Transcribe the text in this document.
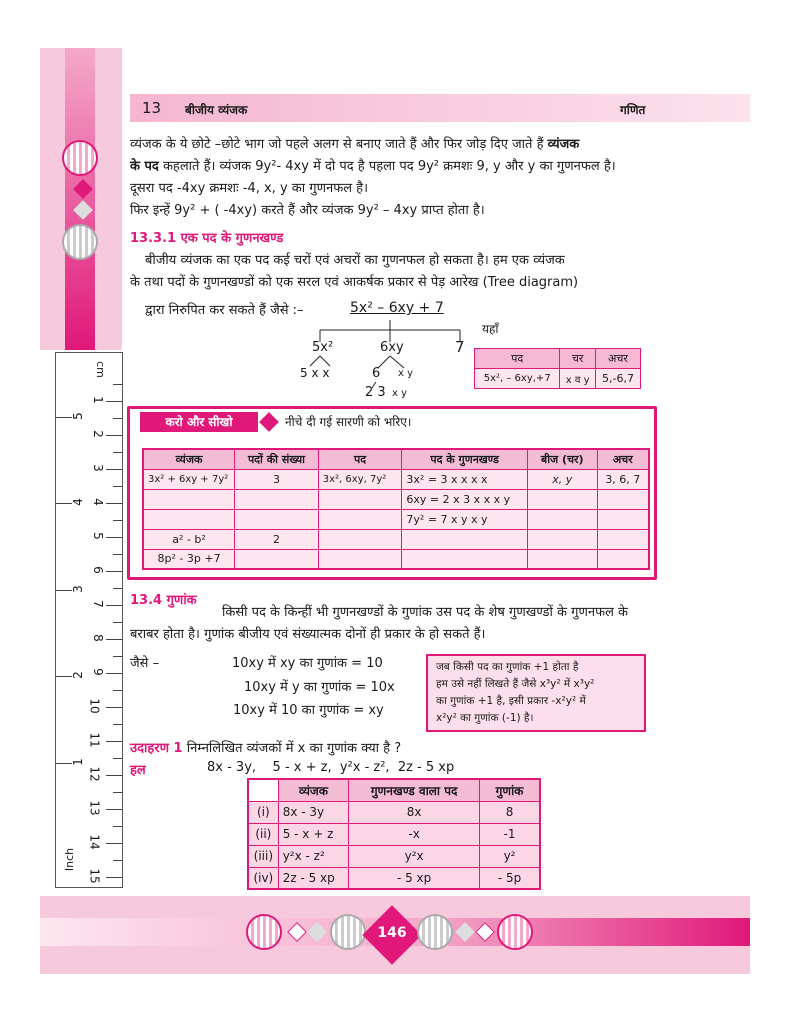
13 बीजीय व्यंजक	गणित
व्यंजक के ये छोटे –छोटे भाग जो पहले अलग से बनाए जाते हैं और फिर जोड़ दिए जाते हैं व्यंजक
के पद कहलाते हैं। व्यंजक 9y²- 4xy में दो पद है पहला पद 9y² क्रमशः 9, y और y का गुणनफल है।
दूसरा पद -4xy क्रमशः -4, x, y का गुणनफल है।
फिर इन्हें 9y² + ( -4xy) करते हैं और व्यंजक 9y² – 4xy प्राप्त होता है।
13.3.1 एक पद के गुणनखण्ड
बीजीय व्यंजक का एक पद कई चरों एवं अचरों का गुणनफल हो सकता है। हम एक व्यंजक
के तथा पदों के गुणनखण्डों को एक सरल एवं आकर्षक प्रकार से पेड़ आरेख (Tree diagram)
द्वारा निरुपित कर सकते हैं जैसे :–	5x² – 6xy + 7
5x²	6xy	7
5 x x	6 x y
2 3 x y
यहाँ
पद	चर	अचर
5x², – 6xy,+7	x व y	5,-6,7
करो और सीखो	नीचे दी गई सारणी को भरिए।
व्यंजक	पदों की संख्या	पद	पद के गुणनखण्ड	बीज (चर)	अचर
3x² + 6xy + 7y²	3	3x², 6xy, 7y²	3x² = 3 x x x x	x, y	3, 6, 7
			6xy = 2 x 3 x x x y		
			7y² = 7 x y x y		
a² - b²	2				
8p² - 3p +7					
13.4 गुणांक
किसी पद के किन्हीं भी गुणनखण्डों के गुणांक उस पद के शेष गुणखण्डों के गुणनफल के
बराबर होता है। गुणांक बीजीय एवं संख्यात्मक दोनों ही प्रकार के हो सकते हैं।
जैसे –	10xy में xy का गुणांक = 10
10xy में y का गुणांक = 10x
10xy में 10 का गुणांक = xy
जब किसी पद का गुणांक +1 होता है
हम उसे नहीं लिखते हैं जैसे x³y² में x³y²
का गुणांक +1 है, इसी प्रकार -x²y² में
x²y² का गुणांक (-1) है।
उदाहरण 1 निम्नलिखित व्यंजकों में x का गुणांक क्या है ?
हल	8x - 3y,    5 - x + z,  y²x - z²,  2z - 5 xp
	व्यंजक	गुणनखण्ड वाला पद	गुणांक
(i)	8x - 3y	8x	8
(ii)	5 - x + z	-x	-1
(iii)	y²x - z²	y²x	y²
(iv)	2z - 5 xp	- 5 xp	- 5p
cm
Inch
1
2
3
4
5
6
7
8
9
10
11
12
13
14
15
1
2
3
4
5
146
